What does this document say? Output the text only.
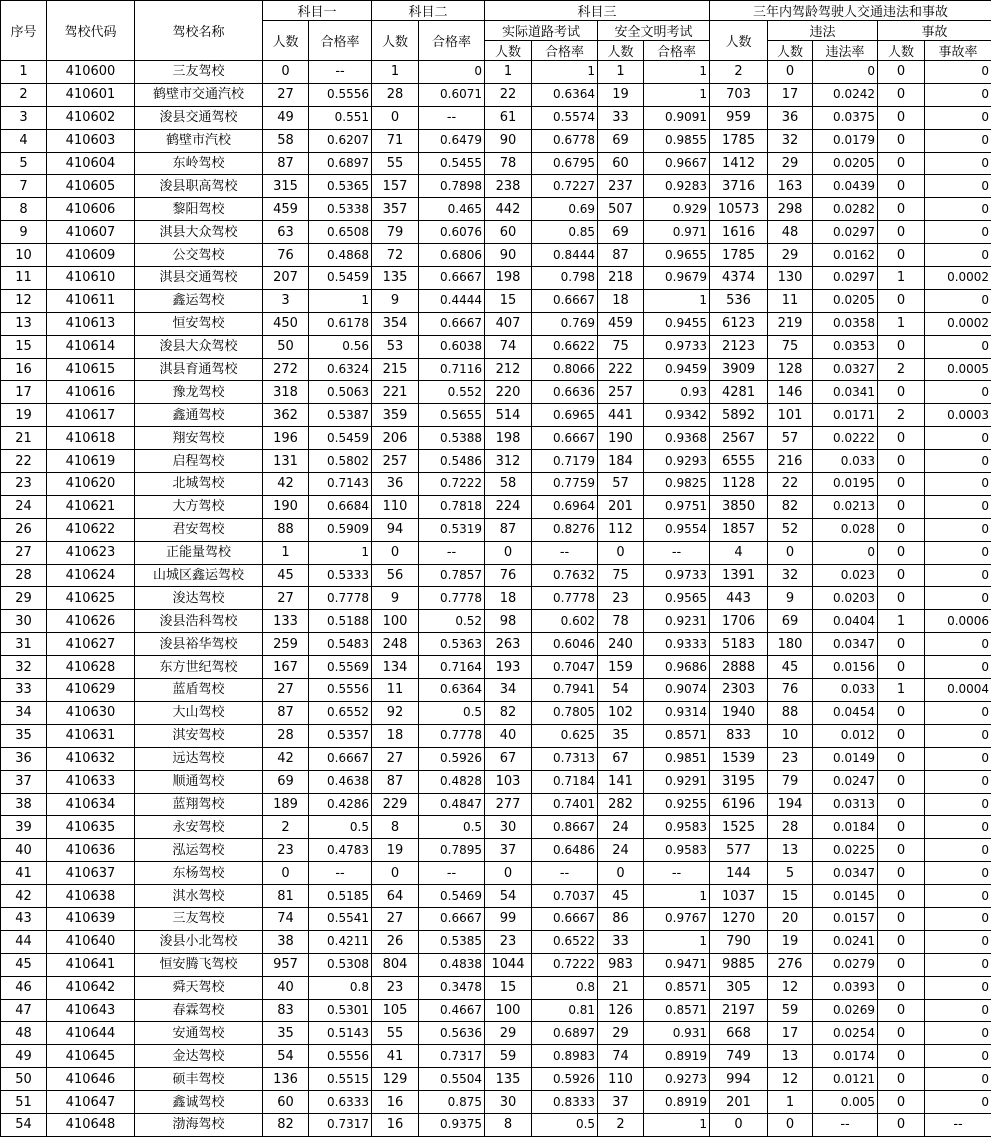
序号	驾校代码	驾校名称	科目一		科目二		科目三				三年内驾龄驾驶人交通违法和事故				
			人数	合格率	人数	合格率	实际道路考试		安全文明考试		人数	违法		事故	
							人数	合格率	人数	合格率		人数	违法率	人数	事故率
1	410600	三友驾校	0	--	1	0	1	1	1	1	2	0	0	0	0
2	410601	鹤壁市交通汽校	27	0.5556	28	0.6071	22	0.6364	19	1	703	17	0.0242	0	0
3	410602	浚县交通驾校	49	0.551	0	--	61	0.5574	33	0.9091	959	36	0.0375	0	0
4	410603	鹤壁市汽校	58	0.6207	71	0.6479	90	0.6778	69	0.9855	1785	32	0.0179	0	0
5	410604	东岭驾校	87	0.6897	55	0.5455	78	0.6795	60	0.9667	1412	29	0.0205	0	0
7	410605	浚县职高驾校	315	0.5365	157	0.7898	238	0.7227	237	0.9283	3716	163	0.0439	0	0
8	410606	黎阳驾校	459	0.5338	357	0.465	442	0.69	507	0.929	10573	298	0.0282	0	0
9	410607	淇县大众驾校	63	0.6508	79	0.6076	60	0.85	69	0.971	1616	48	0.0297	0	0
10	410609	公交驾校	76	0.4868	72	0.6806	90	0.8444	87	0.9655	1785	29	0.0162	0	0
11	410610	淇县交通驾校	207	0.5459	135	0.6667	198	0.798	218	0.9679	4374	130	0.0297	1	0.0002
12	410611	鑫运驾校	3	1	9	0.4444	15	0.6667	18	1	536	11	0.0205	0	0
13	410613	恒安驾校	450	0.6178	354	0.6667	407	0.769	459	0.9455	6123	219	0.0358	1	0.0002
15	410614	浚县大众驾校	50	0.56	53	0.6038	74	0.6622	75	0.9733	2123	75	0.0353	0	0
16	410615	淇县育通驾校	272	0.6324	215	0.7116	212	0.8066	222	0.9459	3909	128	0.0327	2	0.0005
17	410616	豫龙驾校	318	0.5063	221	0.552	220	0.6636	257	0.93	4281	146	0.0341	0	0
19	410617	鑫通驾校	362	0.5387	359	0.5655	514	0.6965	441	0.9342	5892	101	0.0171	2	0.0003
21	410618	翔安驾校	196	0.5459	206	0.5388	198	0.6667	190	0.9368	2567	57	0.0222	0	0
22	410619	启程驾校	131	0.5802	257	0.5486	312	0.7179	184	0.9293	6555	216	0.033	0	0
23	410620	北城驾校	42	0.7143	36	0.7222	58	0.7759	57	0.9825	1128	22	0.0195	0	0
24	410621	大方驾校	190	0.6684	110	0.7818	224	0.6964	201	0.9751	3850	82	0.0213	0	0
26	410622	君安驾校	88	0.5909	94	0.5319	87	0.8276	112	0.9554	1857	52	0.028	0	0
27	410623	正能量驾校	1	1	0	--	0	--	0	--	4	0	0	0	0
28	410624	山城区鑫运驾校	45	0.5333	56	0.7857	76	0.7632	75	0.9733	1391	32	0.023	0	0
29	410625	浚达驾校	27	0.7778	9	0.7778	18	0.7778	23	0.9565	443	9	0.0203	0	0
30	410626	浚县浩科驾校	133	0.5188	100	0.52	98	0.602	78	0.9231	1706	69	0.0404	1	0.0006
31	410627	浚县裕华驾校	259	0.5483	248	0.5363	263	0.6046	240	0.9333	5183	180	0.0347	0	0
32	410628	东方世纪驾校	167	0.5569	134	0.7164	193	0.7047	159	0.9686	2888	45	0.0156	0	0
33	410629	蓝盾驾校	27	0.5556	11	0.6364	34	0.7941	54	0.9074	2303	76	0.033	1	0.0004
34	410630	大山驾校	87	0.6552	92	0.5	82	0.7805	102	0.9314	1940	88	0.0454	0	0
35	410631	淇安驾校	28	0.5357	18	0.7778	40	0.625	35	0.8571	833	10	0.012	0	0
36	410632	远达驾校	42	0.6667	27	0.5926	67	0.7313	67	0.9851	1539	23	0.0149	0	0
37	410633	顺通驾校	69	0.4638	87	0.4828	103	0.7184	141	0.9291	3195	79	0.0247	0	0
38	410634	蓝翔驾校	189	0.4286	229	0.4847	277	0.7401	282	0.9255	6196	194	0.0313	0	0
39	410635	永安驾校	2	0.5	8	0.5	30	0.8667	24	0.9583	1525	28	0.0184	0	0
40	410636	泓运驾校	23	0.4783	19	0.7895	37	0.6486	24	0.9583	577	13	0.0225	0	0
41	410637	东杨驾校	0	--	0	--	0	--	0	--	144	5	0.0347	0	0
42	410638	淇水驾校	81	0.5185	64	0.5469	54	0.7037	45	1	1037	15	0.0145	0	0
43	410639	三友驾校	74	0.5541	27	0.6667	99	0.6667	86	0.9767	1270	20	0.0157	0	0
44	410640	浚县小北驾校	38	0.4211	26	0.5385	23	0.6522	33	1	790	19	0.0241	0	0
45	410641	恒安腾飞驾校	957	0.5308	804	0.4838	1044	0.7222	983	0.9471	9885	276	0.0279	0	0
46	410642	舜天驾校	40	0.8	23	0.3478	15	0.8	21	0.8571	305	12	0.0393	0	0
47	410643	春霖驾校	83	0.5301	105	0.4667	100	0.81	126	0.8571	2197	59	0.0269	0	0
48	410644	安通驾校	35	0.5143	55	0.5636	29	0.6897	29	0.931	668	17	0.0254	0	0
49	410645	金达驾校	54	0.5556	41	0.7317	59	0.8983	74	0.8919	749	13	0.0174	0	0
50	410646	硕丰驾校	136	0.5515	129	0.5504	135	0.5926	110	0.9273	994	12	0.0121	0	0
51	410647	鑫诚驾校	60	0.6333	16	0.875	30	0.8333	37	0.8919	201	1	0.005	0	0
54	410648	渤海驾校	82	0.7317	16	0.9375	8	0.5	2	1	0	0	--	0	--
